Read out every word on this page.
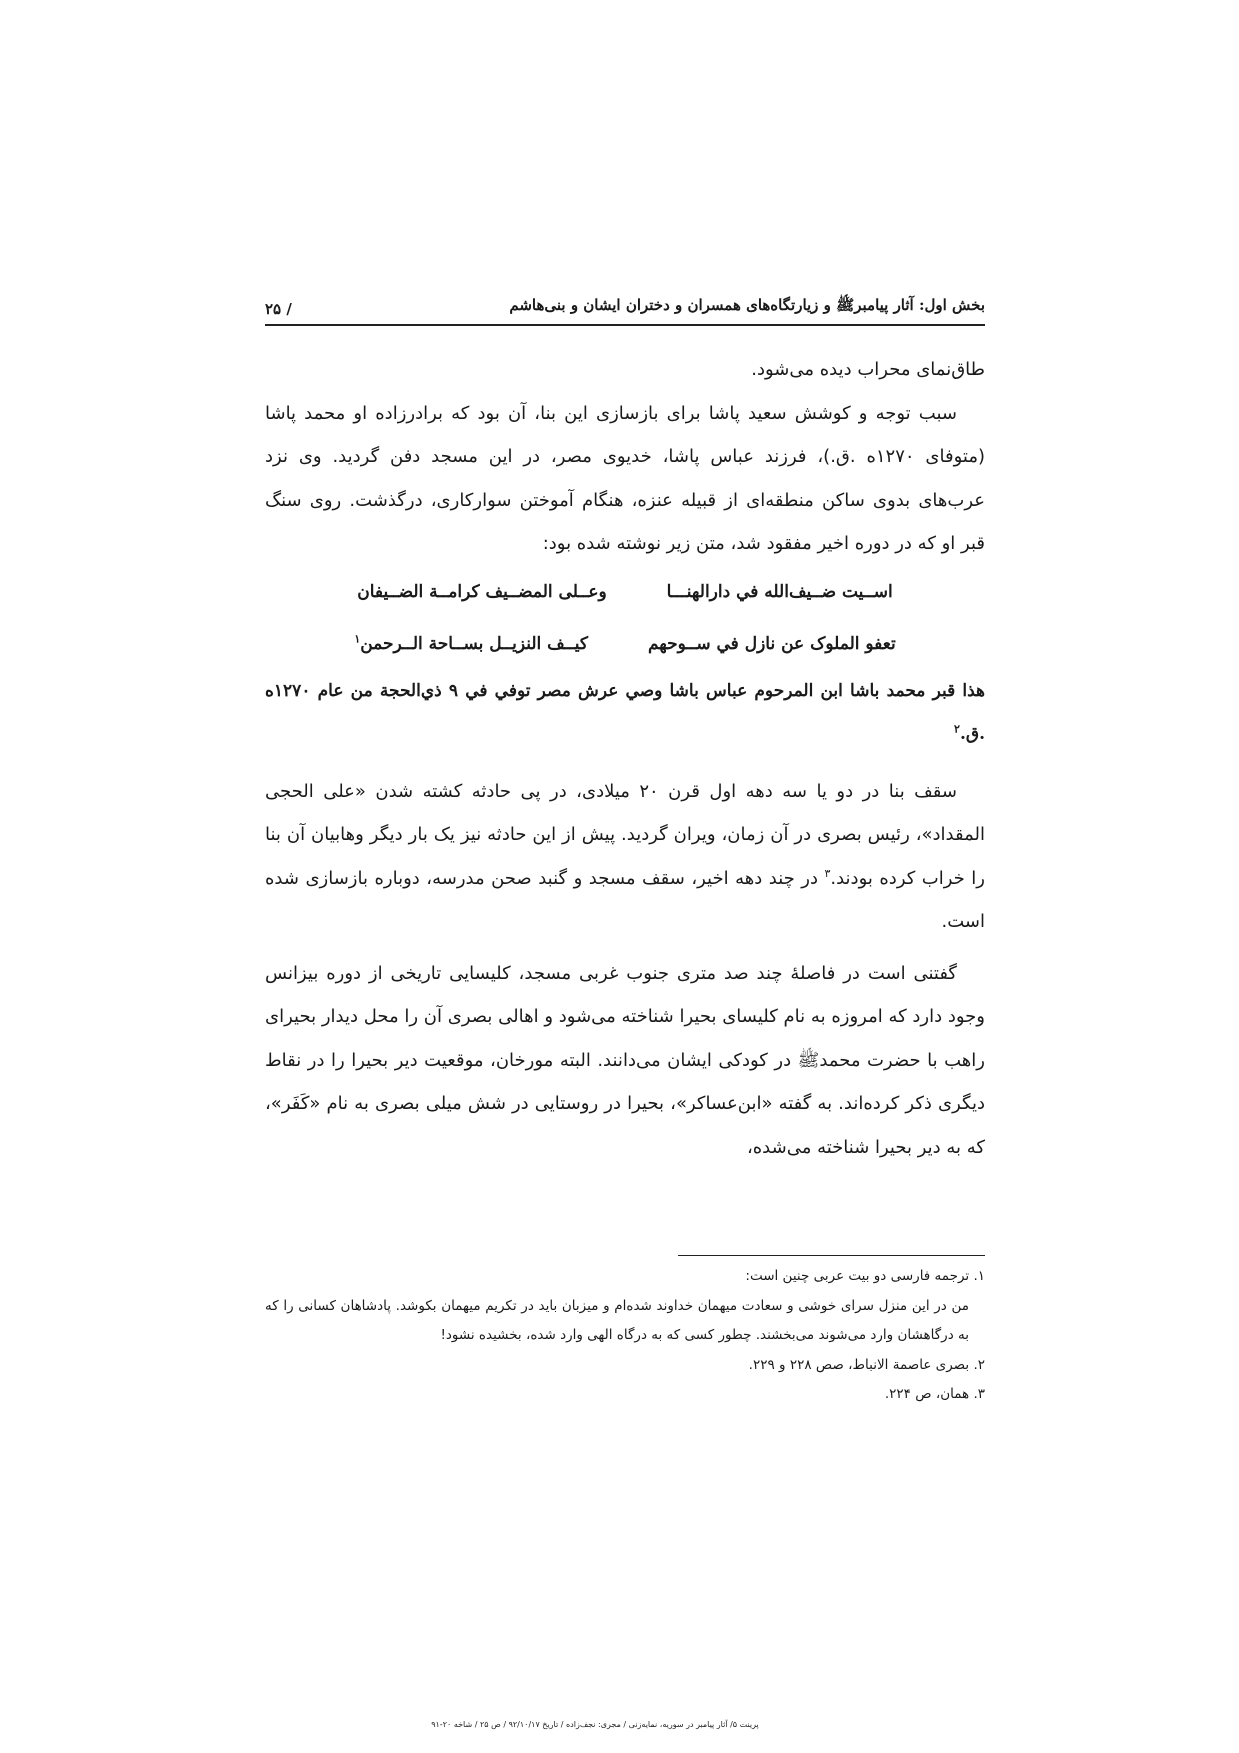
بخش اول: آثار پیامبرﷺ و زیارتگاه‌های همسران و دختران ایشان و بنی‌هاشم
/ ۲۵

طاق‌نمای محراب دیده می‌شود.

سبب توجه و کوشش سعید پاشا برای بازسازی این بنا، آن بود که برادرزاده او محمد پاشا (متوفای ۱۲۷۰ه .ق.)، فرزند عباس پاشا، خدیوی مصر، در این مسجد دفن گردید. وی نزد عرب‌های بدوی ساکن منطقه‌ای از قبیله عنزه، هنگام آموختن سوارکاری، درگذشت. روی سنگ قبر او که در دوره اخیر مفقود شد، متن زیر نوشته شده بود:

اســیت ضــیف‌الله في دارالهنـــا
وعــلی المضــیف کرامــة الضــیفان
تعفو الملوک عن نازل في ســوحهم
کیــف النزیــل بســاحة الــرحمن$^۱$
هذا قبر محمد باشا ابن المرحوم عباس باشا وصي عرش مصر توفي في ۹ ذي‌الحجة من عام ۱۲۷۰ه .ق.$^۲$

سقف بنا در دو یا سه دهه اول قرن ۲۰ میلادی، در پی حادثه کشته شدن «علی الحجی المقداد»، رئیس بصری در آن زمان، ویران گردید. پیش از این حادثه نیز یک بار دیگر وهابیان آن بنا را خراب کرده بودند.$^۳$ در چند دهه اخیر، سقف مسجد و گنبد صحن مدرسه، دوباره بازسازی شده است.

گفتنی است در فاصلهٔ چند صد متری جنوب غربی مسجد، کلیسایی تاریخی از دوره بیزانس وجود دارد که امروزه به نام کلیسای بحیرا شناخته می‌شود و اهالی بصری آن را محل دیدار بحیرای راهب با حضرت محمدﷺ در کودکی ایشان می‌دانند. البته مورخان، موقعیت دیر بحیرا را در نقاط دیگری ذکر کرده‌اند. به گفته «ابن‌عساکر»، بحیرا در روستایی در شش میلی بصری به نام «کَفَر»، که به دیر بحیرا شناخته می‌شده،

۱. ترجمه فارسی دو بیت عربی چنین است:

من در این منزل سرای خوشی و سعادت میهمان خداوند شده‌ام و میزبان باید در تکریم میهمان بکوشد. پادشاهان کسانی را که به درگاهشان وارد می‌شوند می‌بخشند. چطور کسی که به درگاه الهی وارد شده، بخشیده نشود!

۲. بصری عاصمة الانباط، صص ۲۲۸ و ۲۲۹.

۳. همان، ص ۲۲۴.

پرینت ۵/ آثار پیامبر در سوریه، نمایه‌زنی / مجری: نجف‌زاده / تاریخ ۹۲/۱۰/۱۷ / ص ۲۵ / شاخه ۲۰-۹۱
